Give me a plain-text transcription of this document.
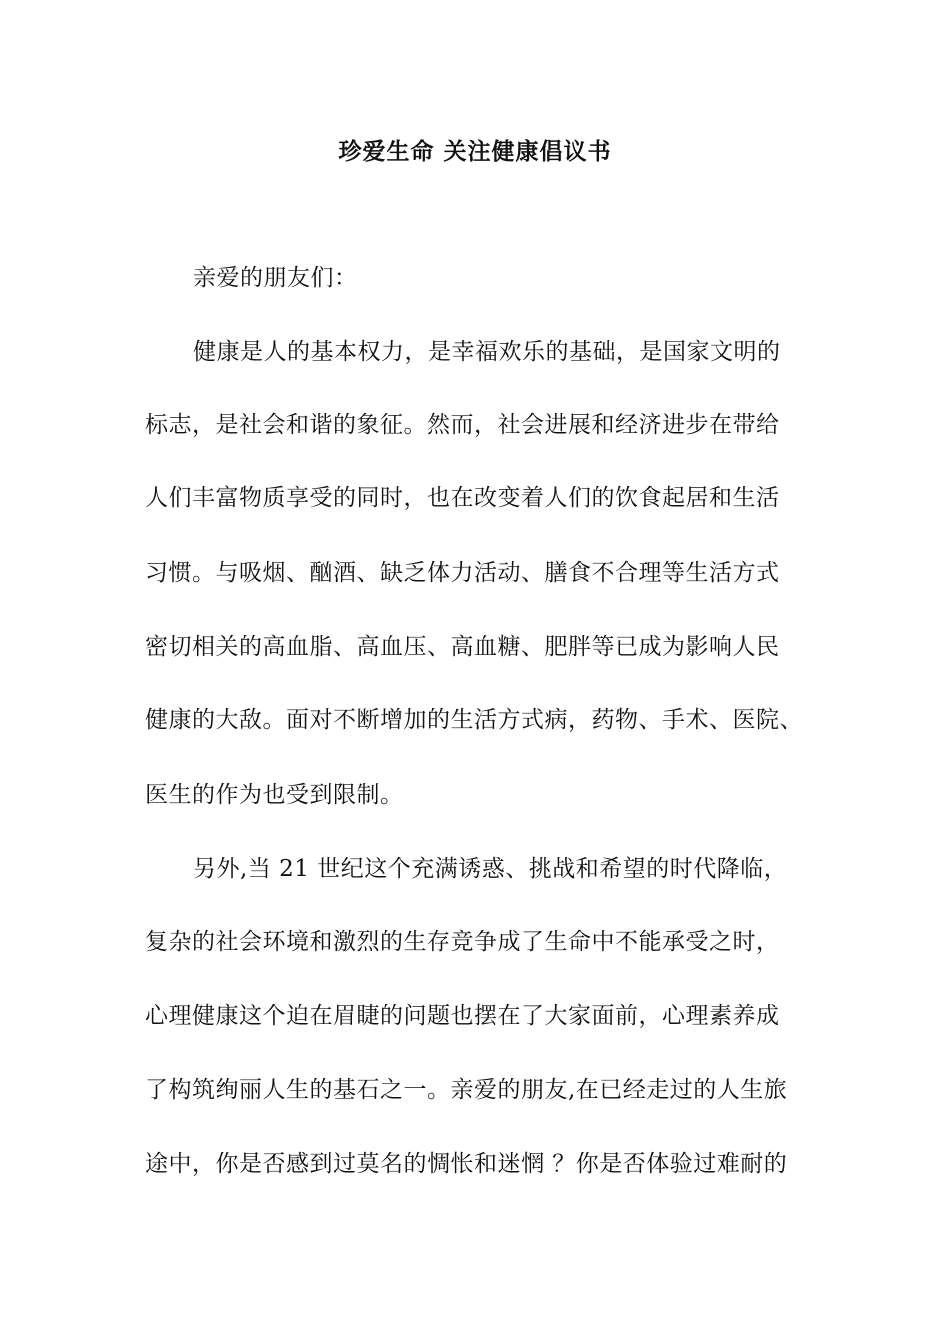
珍爱生命 关注健康倡议书
亲爱的朋友们：
健康是人的基本权力，是幸福欢乐的基础，是国家文明的
标志，是社会和谐的象征。然而，社会进展和经济进步在带给
人们丰富物质享受的同时，也在改变着人们的饮食起居和生活
习惯。与吸烟、酗酒、缺乏体力活动、膳食不合理等生活方式
密切相关的高血脂、高血压、高血糖、肥胖等已成为影响人民
健康的大敌。面对不断增加的生活方式病，药物、手术、医院、
医生的作为也受到限制。
另外,当 21 世纪这个充满诱惑、挑战和希望的时代降临，
复杂的社会环境和激烈的生存竞争成了生命中不能承受之时，
心理健康这个迫在眉睫的问题也摆在了大家面前，心理素养成
了构筑绚丽人生的基石之一。亲爱的朋友,在已经走过的人生旅
途中，你是否感到过莫名的惆怅和迷惘 ？你是否体验过难耐的
